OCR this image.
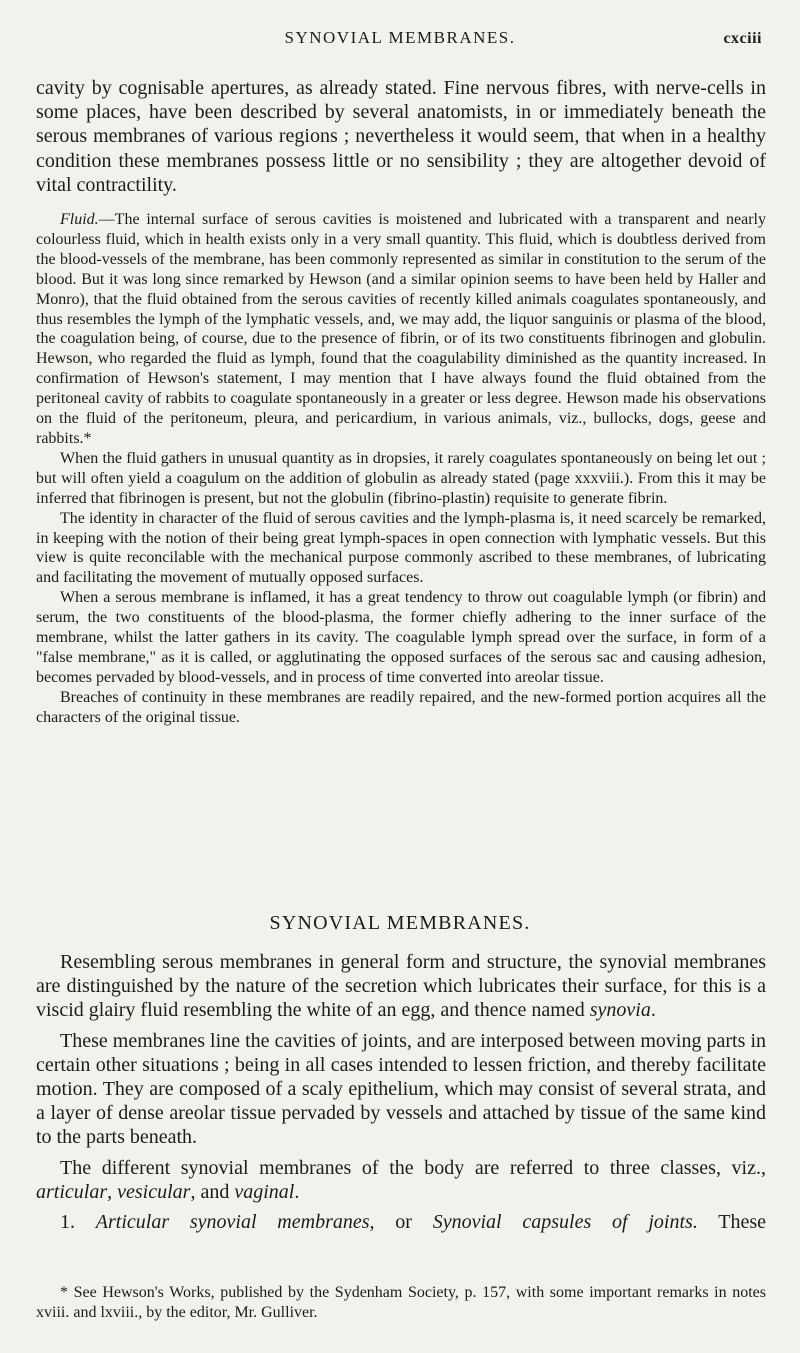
SYNOVIAL MEMBRANES.	cxciii

cavity by cognisable apertures, as already stated. Fine nervous fibres, with nerve-cells in some places, have been described by several anatomists, in or immediately beneath the serous membranes of various regions ; nevertheless it would seem, that when in a healthy condition these membranes possess little or no sensibility ; they are altogether devoid of vital contractility.

Fluid.—The internal surface of serous cavities is moistened and lubricated with a transparent and nearly colourless fluid, which in health exists only in a very small quantity. This fluid, which is doubtless derived from the blood-vessels of the membrane, has been commonly represented as similar in constitution to the serum of the blood. But it was long since remarked by Hewson (and a similar opinion seems to have been held by Haller and Monro), that the fluid obtained from the serous cavities of recently killed animals coagulates spontaneously, and thus resembles the lymph of the lymphatic vessels, and, we may add, the liquor sanguinis or plasma of the blood, the coagulation being, of course, due to the presence of fibrin, or of its two constituents fibrinogen and globulin. Hewson, who regarded the fluid as lymph, found that the coagulability diminished as the quantity increased. In confirmation of Hewson's statement, I may mention that I have always found the fluid obtained from the peritoneal cavity of rabbits to coagulate spontaneously in a greater or less degree. Hewson made his observations on the fluid of the peritoneum, pleura, and pericardium, in various animals, viz., bullocks, dogs, geese and rabbits.*

When the fluid gathers in unusual quantity as in dropsies, it rarely coagulates spontaneously on being let out ; but will often yield a coagulum on the addition of globulin as already stated (page xxxviii.). From this it may be inferred that fibrinogen is present, but not the globulin (fibrino-plastin) requisite to generate fibrin.

The identity in character of the fluid of serous cavities and the lymph-plasma is, it need scarcely be remarked, in keeping with the notion of their being great lymph-spaces in open connection with lymphatic vessels. But this view is quite reconcilable with the mechanical purpose commonly ascribed to these membranes, of lubricating and facilitating the movement of mutually opposed surfaces.

When a serous membrane is inflamed, it has a great tendency to throw out coagulable lymph (or fibrin) and serum, the two constituents of the blood-plasma, the former chiefly adhering to the inner surface of the membrane, whilst the latter gathers in its cavity. The coagulable lymph spread over the surface, in form of a "false membrane," as it is called, or agglutinating the opposed surfaces of the serous sac and causing adhesion, becomes pervaded by blood-vessels, and in process of time converted into areolar tissue.

Breaches of continuity in these membranes are readily repaired, and the new-formed portion acquires all the characters of the original tissue.

SYNOVIAL MEMBRANES.

Resembling serous membranes in general form and structure, the synovial membranes are distinguished by the nature of the secretion which lubricates their surface, for this is a viscid glairy fluid resembling the white of an egg, and thence named synovia.

These membranes line the cavities of joints, and are interposed between moving parts in certain other situations ; being in all cases intended to lessen friction, and thereby facilitate motion. They are composed of a scaly epithelium, which may consist of several strata, and a layer of dense areolar tissue pervaded by vessels and attached by tissue of the same kind to the parts beneath.

The different synovial membranes of the body are referred to three classes, viz., articular, vesicular, and vaginal.

1. Articular synovial membranes, or Synovial capsules of joints. These

* See Hewson's Works, published by the Sydenham Society, p. 157, with some important remarks in notes xviii. and lxviii., by the editor, Mr. Gulliver.
